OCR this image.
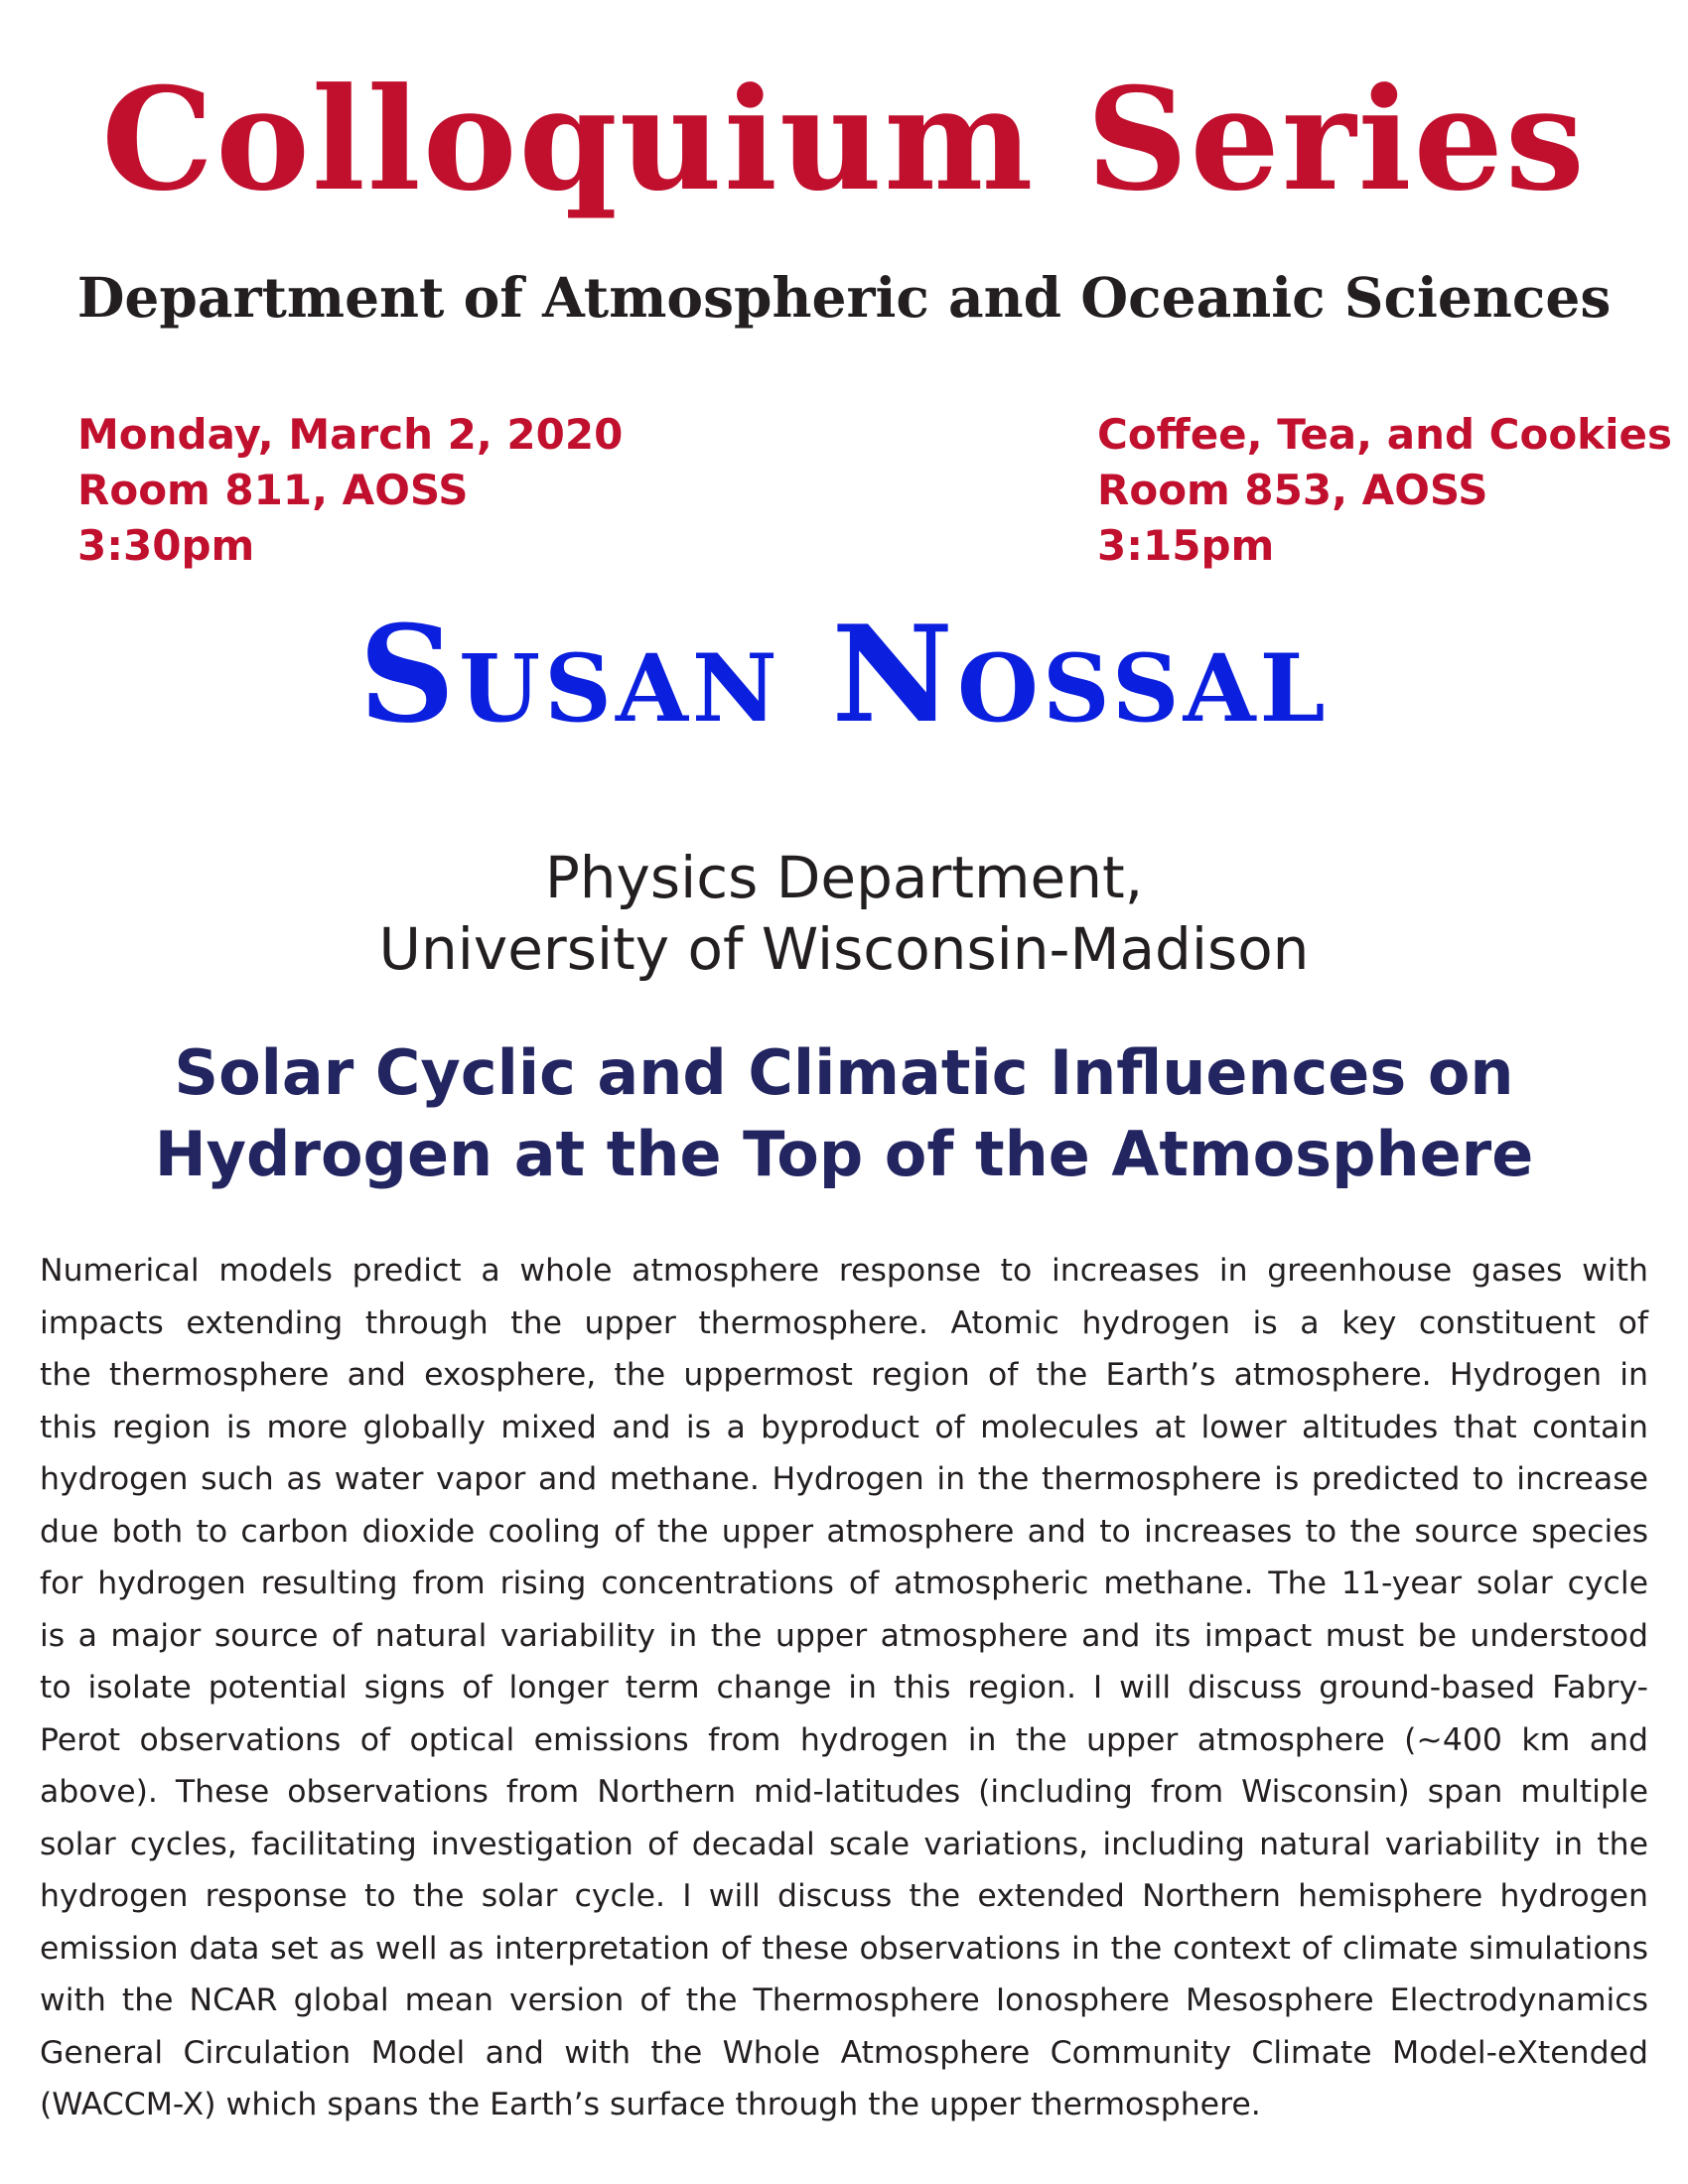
Colloquium Series
Department of Atmospheric and Oceanic Sciences
Monday, March 2, 2020
Room 811, AOSS
3:30pm
Coffee, Tea, and Cookies
Room 853, AOSS
3:15pm
Susan Nossal
Physics Department,
University of Wisconsin-Madison
Solar Cyclic and Climatic Influences on
Hydrogen at the Top of the Atmosphere
Numerical models predict a whole atmosphere response to increases in greenhouse gases with
impacts extending through the upper thermosphere. Atomic hydrogen is a key constituent of
the thermosphere and exosphere, the uppermost region of the Earth’s atmosphere. Hydrogen in
this region is more globally mixed and is a byproduct of molecules at lower altitudes that contain
hydrogen such as water vapor and methane. Hydrogen in the thermosphere is predicted to increase
due both to carbon dioxide cooling of the upper atmosphere and to increases to the source species
for hydrogen resulting from rising concentrations of atmospheric methane. The 11-year solar cycle
is a major source of natural variability in the upper atmosphere and its impact must be understood
to isolate potential signs of longer term change in this region. I will discuss ground-based Fabry-
Perot observations of optical emissions from hydrogen in the upper atmosphere (~400 km and
above). These observations from Northern mid-latitudes (including from Wisconsin) span multiple
solar cycles, facilitating investigation of decadal scale variations, including natural variability in the
hydrogen response to the solar cycle. I will discuss the extended Northern hemisphere hydrogen
emission data set as well as interpretation of these observations in the context of climate simulations
with the NCAR global mean version of the Thermosphere Ionosphere Mesosphere Electrodynamics
General Circulation Model and with the Whole Atmosphere Community Climate Model-eXtended
(WACCM-X) which spans the Earth’s surface through the upper thermosphere.
